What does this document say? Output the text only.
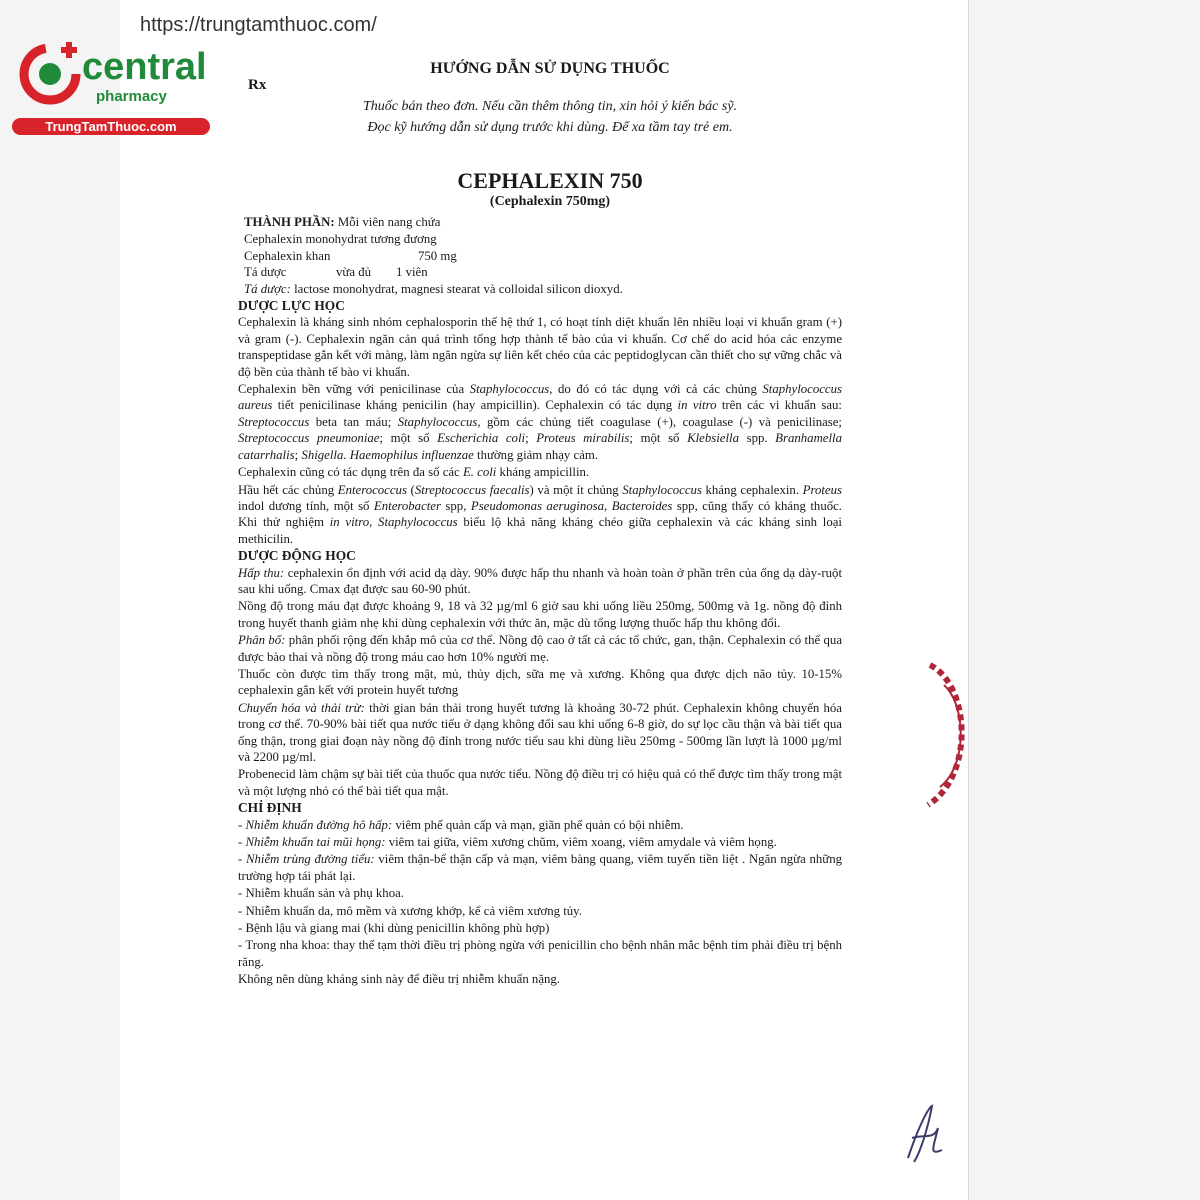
https://trungtamthuoc.com/
central
pharmacy
TrungTamThuoc.com
Rx
HƯỚNG DẪN SỬ DỤNG THUỐC
Thuốc bán theo đơn. Nếu cần thêm thông tin, xin hỏi ý kiến bác sỹ.
Đọc kỹ hướng dẫn sử dụng trước khi dùng. Để xa tầm tay trẻ em.
CEPHALEXIN 750
(Cephalexin 750mg)

THÀNH PHẦN: Mỗi viên nang chứa

Cephalexin monohydrat tương đương
Cephalexin khan	750 mg
Tá dược	vừa đủ	1 viên
Tá dược: lactose monohydrat, magnesi stearat và colloidal silicon dioxyd.
DƯỢC LỰC HỌC

Cephalexin là kháng sinh nhóm cephalosporin thế hệ thứ 1, có hoạt tính diệt khuẩn lên nhiều loại vi khuẩn gram (+) và gram (-). Cephalexin ngăn cản quá trình tổng hợp thành tế bào của vi khuẩn. Cơ chế do acid hóa các enzyme transpeptidase gắn kết với màng, làm ngăn ngừa sự liên kết chéo của các peptidoglycan cần thiết cho sự vững chắc và độ bền của thành tế bào vi khuẩn.

Cephalexin bền vững với penicilinase của Staphylococcus, do đó có tác dụng với cả các chủng Staphylococcus aureus tiết penicilinase kháng penicilin (hay ampicillin). Cephalexin có tác dụng in vitro trên các vi khuẩn sau: Streptococcus beta tan máu; Staphylococcus, gồm các chủng tiết coagulase (+), coagulase (-) và penicilinase; Streptococcus pneumoniae; một số Escherichia coli; Proteus mirabilis; một số Klebsiella spp. Branhamella catarrhalis; Shigella. Haemophilus influenzae thường giảm nhạy cảm.

Cephalexin cũng có tác dụng trên đa số các E. coli kháng ampicillin.

Hầu hết các chủng Enterococcus (Streptococcus faecalis) và một ít chủng Staphylococcus kháng cephalexin. Proteus indol dương tính, một số Enterobacter spp, Pseudomonas aeruginosa, Bacteroides spp, cũng thấy có kháng thuốc. Khi thử nghiệm in vitro, Staphylococcus biểu lộ khả năng kháng chéo giữa cephalexin và các kháng sinh loại methicilin.

DƯỢC ĐỘNG HỌC

Hấp thu: cephalexin ổn định với acid dạ dày. 90% được hấp thu nhanh và hoàn toàn ở phần trên của ống dạ dày-ruột sau khi uống. Cmax đạt được sau 60-90 phút.

Nồng độ trong máu đạt được khoảng 9, 18 và 32 µg/ml 6 giờ sau khi uống liều 250mg, 500mg và 1g. nồng độ đỉnh trong huyết thanh giảm nhẹ khi dùng cephalexin với thức ăn, mặc dù tổng lượng thuốc hấp thu không đổi.

Phân bố: phân phối rộng đến khắp mô của cơ thể. Nồng độ cao ở tất cả các tổ chức, gan, thận. Cephalexin có thể qua được bào thai và nồng độ trong máu cao hơn 10% người mẹ.

Thuốc còn được tìm thấy trong mật, mủ, thủy dịch, sữa mẹ và xương. Không qua được dịch não tủy. 10-15% cephalexin gắn kết với protein huyết tương

Chuyển hóa và thải trừ: thời gian bán thải trong huyết tương là khoảng 30-72 phút. Cephalexin không chuyển hóa trong cơ thể. 70-90% bài tiết qua nước tiểu ở dạng không đổi sau khi uống 6-8 giờ, do sự lọc cầu thận và bài tiết qua ống thận, trong giai đoạn này nồng độ đỉnh trong nước tiểu sau khi dùng liều 250mg - 500mg lần lượt là 1000 µg/ml và 2200 µg/ml.

Probenecid làm chậm sự bài tiết của thuốc qua nước tiểu. Nồng độ điều trị có hiệu quả có thể được tìm thấy trong mật và một lượng nhỏ có thể bài tiết qua mật.

CHỈ ĐỊNH

- Nhiễm khuẩn đường hô hấp: viêm phế quản cấp và mạn, giãn phế quản có bội nhiễm.

- Nhiễm khuẩn tai mũi họng: viêm tai giữa, viêm xương chũm, viêm xoang, viêm amydale và viêm họng.

- Nhiễm trùng đường tiểu: viêm thận-bể thận cấp và mạn, viêm bàng quang, viêm tuyến tiền liệt . Ngăn ngừa những trường hợp tái phát lại.

- Nhiễm khuẩn sản và phụ khoa.

- Nhiễm khuẩn da, mô mềm và xương khớp, kể cả viêm xương tủy.

- Bệnh lậu và giang mai (khi dùng penicillin không phù hợp)

- Trong nha khoa: thay thế tạm thời điều trị phòng ngừa với penicillin cho bệnh nhân mắc bệnh tim phải điều trị bệnh răng.

Không nên dùng kháng sinh này để điều trị nhiễm khuẩn nặng.
